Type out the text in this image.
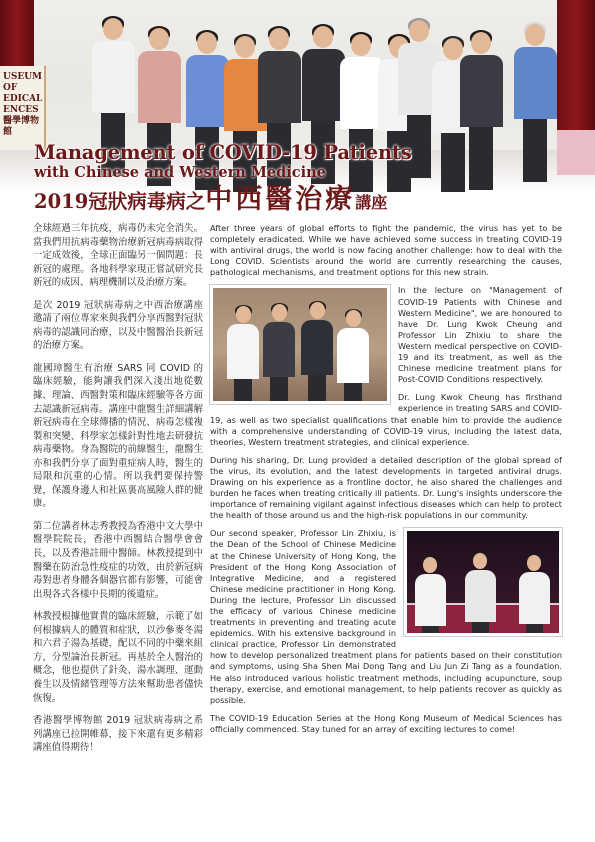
USEUM
OF
EDICAL
ENCES
醫學博物館
Management of COVID-19 Patients
with Chinese and Western Medicine
2019冠狀病毒病之中西醫治療講座

全球經過三年抗疫，病毒仍未完全消失。當我們用抗病毒藥物治療新冠病毒病取得一定成效後，全球正面臨另一個問題：長新冠的處理。各地科學家現正嘗試研究長新冠的成因、病理機制以及治療方案。

是次 2019 冠狀病毒病之中西治療講座邀請了兩位專家來與我們分享西醫對冠狀病毒的認識同治療，以及中醫醫治長新冠的治療方案。

龍國璋醫生有治療 SARS 同 COVID 的臨床經驗，能夠讓我們深入淺出地從數據、理論、西醫對策和臨床經驗等各方面去認識新冠病毒。講座中龍醫生詳細講解新冠病毒在全球傳播的情況、病毒怎樣複製和突變、科學家怎樣針對性地去研發抗病毒藥物。身為醫院的前線醫生，龍醫生亦和我們分享了面對重症病人時，醫生的局限和沉重的心情。所以我們要保持警覺，保護身邊人和社區裏高風險人群的健康。

第二位講者林志秀教授為香港中文大學中醫學院院長，香港中西醫結合醫學會會長，以及香港註冊中醫師。林教授提到中醫藥在防治急性疫症的功效，由於新冠病毒對患者身體各個器官都有影響，可能會出現各式各樣中長期的後遺症。

林教授根據他實貴的臨床經驗，示範了如何根據病人的體質和症狀，以沙參麥冬湯和六君子湯為基礎，配以不同的中藥來組方，分型論治長新冠。再基於全人醫治的概念，他也提供了針灸、湯水調理、運動養生以及情緒管理等方法來幫助患者儘快恢復。

香港醫學博物館 2019 冠狀病毒病之系列講座已拉開帷幕，接下來還有更多精彩講座值得期待！

After three years of global efforts to fight the pandemic, the virus has yet to be completely eradicated. While we have achieved some success in treating COVID-19 with antiviral drugs, the world is now facing another challenge: how to deal with the Long COVID. Scientists around the world are currently researching the causes, pathological mechanisms, and treatment options for this new strain.

In the lecture on "Management of COVID-19 Patients with Chinese and Western Medicine", we are honoured to have Dr. Lung Kwok Cheung and Professor Lin Zhixiu to share the Western medical perspective on COVID-19 and its treatment, as well as the Chinese medicine treatment plans for Post-COVID Conditions respectively.

Dr. Lung Kwok Cheung has firsthand experience in treating SARS and COVID-19, as well as two specialist qualifications that enable him to provide the audience with a comprehensive understanding of COVID-19 virus, including the latest data, theories, Western treatment strategies, and clinical experience.

During his sharing, Dr. Lung provided a detailed description of the global spread of the virus, its evolution, and the latest developments in targeted antiviral drugs. Drawing on his experience as a frontline doctor, he also shared the challenges and burden he faces when treating critically ill patients. Dr. Lung's insights underscore the importance of remaining vigilant against infectious diseases which can help to protect the health of those around us and the high-risk populations in our community.

Our second speaker, Professor Lin Zhixiu, is the Dean of the School of Chinese Medicine at the Chinese University of Hong Kong, the President of the Hong Kong Association of Integrative Medicine, and a registered Chinese medicine practitioner in Hong Kong. During the lecture, Professor Lin discussed the efficacy of various Chinese medicine treatments in preventing and treating acute epidemics. With his extensive background in clinical practice, Professor Lin demonstrated how to develop personalized treatment plans for patients based on their constitution and symptoms, using Sha Shen Mai Dong Tang and Liu Jun Zi Tang as a foundation. He also introduced various holistic treatment methods, including acupuncture, soup therapy, exercise, and emotional management, to help patients recover as quickly as possible.

The COVID-19 Education Series at the Hong Kong Museum of Medical Sciences has officially commenced. Stay tuned for an array of exciting lectures to come!
